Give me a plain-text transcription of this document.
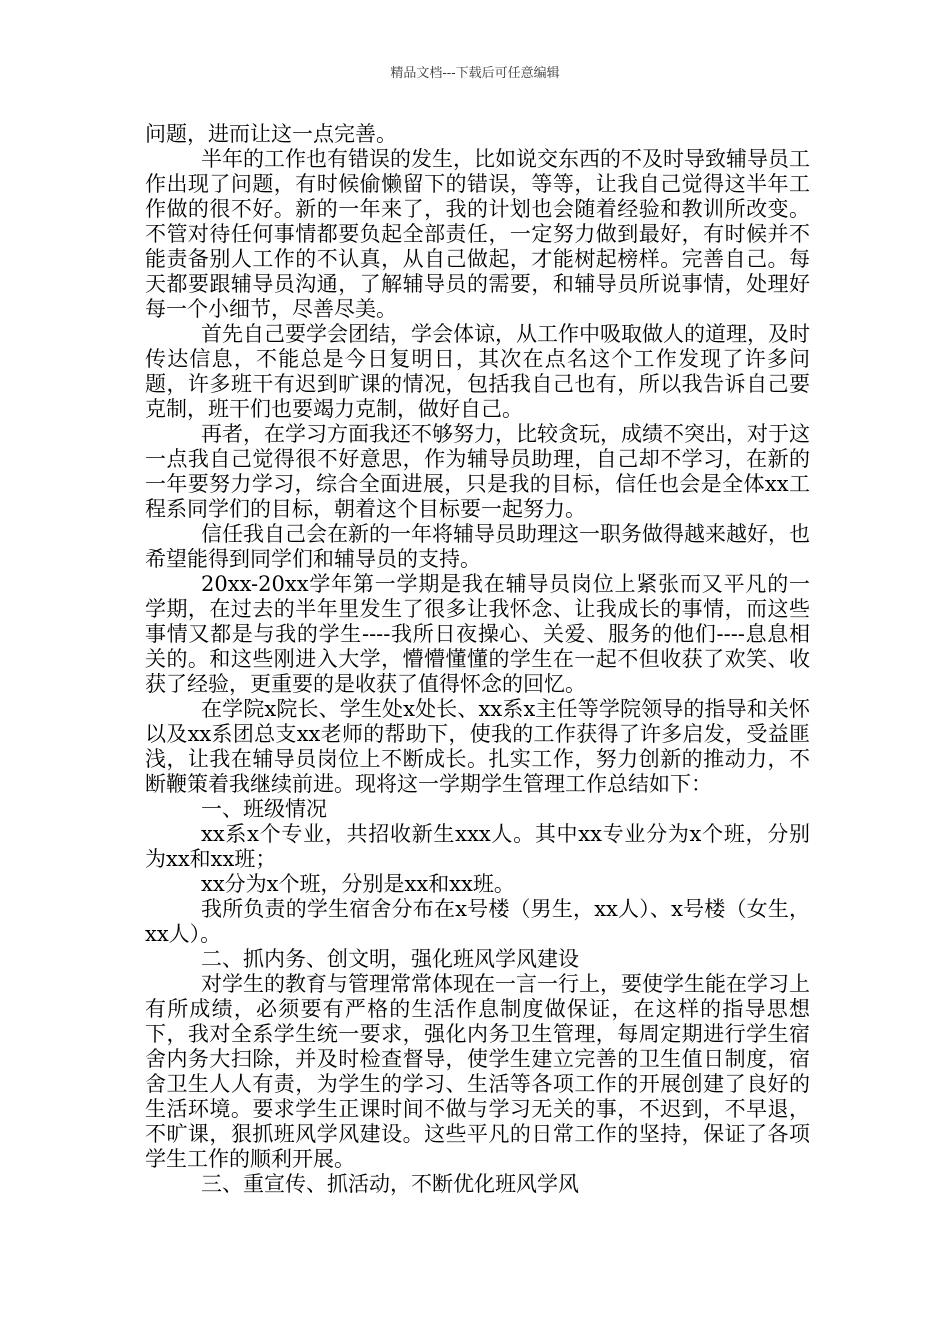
精品文档---下载后可任意编辑

问题，进而让这一点完善。

半年的工作也有错误的发生，比如说交东西的不及时导致辅导员工作出现了问题，有时候偷懒留下的错误，等等，让我自己觉得这半年工作做的很不好。新的一年来了，我的计划也会随着经验和教训所改变。不管对待任何事情都要负起全部责任，一定努力做到最好，有时候并不能责备别人工作的不认真，从自己做起，才能树起榜样。完善自己。每天都要跟辅导员沟通，了解辅导员的需要，和辅导员所说事情，处理好每一个小细节，尽善尽美。

首先自己要学会团结，学会体谅，从工作中吸取做人的道理，及时传达信息，不能总是今日复明日，其次在点名这个工作发现了许多问题，许多班干有迟到旷课的情况，包括我自己也有，所以我告诉自己要克制，班干们也要竭力克制，做好自己。

再者，在学习方面我还不够努力，比较贪玩，成绩不突出，对于这一点我自己觉得很不好意思，作为辅导员助理，自己却不学习，在新的一年要努力学习，综合全面进展，只是我的目标，信任也会是全体xx工程系同学们的目标，朝着这个目标要一起努力。

信任我自己会在新的一年将辅导员助理这一职务做得越来越好，也希望能得到同学们和辅导员的支持。

20xx-20xx学年第一学期是我在辅导员岗位上紧张而又平凡的一学期，在过去的半年里发生了很多让我怀念、让我成长的事情，而这些事情又都是与我的学生----我所日夜操心、关爱、服务的他们----息息相关的。和这些刚进入大学，懵懵懂懂的学生在一起不但收获了欢笑、收获了经验，更重要的是收获了值得怀念的回忆。

在学院x院长、学生处x处长、xx系x主任等学院领导的指导和关怀以及xx系团总支xx老师的帮助下，使我的工作获得了许多启发，受益匪浅，让我在辅导员岗位上不断成长。扎实工作，努力创新的推动力，不断鞭策着我继续前进。现将这一学期学生管理工作总结如下：

一、班级情况

xx系x个专业，共招收新生xxx人。其中xx专业分为x个班，分别为xx和xx班；

xx分为x个班，分别是xx和xx班。

我所负责的学生宿舍分布在x号楼（男生，xx人）、x号楼（女生，xx人）。

二、抓内务、创文明，强化班风学风建设

对学生的教育与管理常常体现在一言一行上，要使学生能在学习上有所成绩，必须要有严格的生活作息制度做保证，在这样的指导思想下，我对全系学生统一要求，强化内务卫生管理，每周定期进行学生宿舍内务大扫除，并及时检查督导，使学生建立完善的卫生值日制度，宿舍卫生人人有责，为学生的学习、生活等各项工作的开展创建了良好的生活环境。要求学生正课时间不做与学习无关的事，不迟到，不早退，不旷课，狠抓班风学风建设。这些平凡的日常工作的坚持，保证了各项学生工作的顺利开展。

三、重宣传、抓活动，不断优化班风学风
